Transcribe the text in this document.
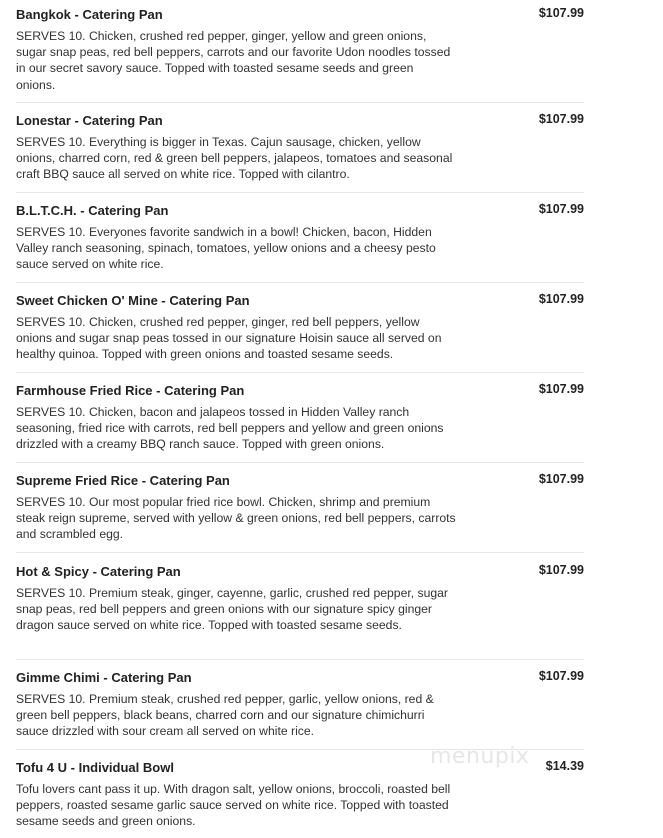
Bangkok - Catering Pan	$107.99
SERVES 10. Chicken, crushed red pepper, ginger, yellow and green onions, sugar snap peas, red bell peppers, carrots and our favorite Udon noodles tossed in our secret savory sauce. Topped with toasted sesame seeds and green onions.
Lonestar - Catering Pan	$107.99
SERVES 10. Everything is bigger in Texas. Cajun sausage, chicken, yellow onions, charred corn, red & green bell peppers, jalapeos, tomatoes and seasonal craft BBQ sauce all served on white rice. Topped with cilantro.
B.L.T.C.H. - Catering Pan	$107.99
SERVES 10. Everyones favorite sandwich in a bowl! Chicken, bacon, Hidden Valley ranch seasoning, spinach, tomatoes, yellow onions and a cheesy pesto sauce served on white rice.
Sweet Chicken O' Mine - Catering Pan	$107.99
SERVES 10. Chicken, crushed red pepper, ginger, red bell peppers, yellow onions and sugar snap peas tossed in our signature Hoisin sauce all served on healthy quinoa. Topped with green onions and toasted sesame seeds.
Farmhouse Fried Rice - Catering Pan	$107.99
SERVES 10. Chicken, bacon and jalapeos tossed in Hidden Valley ranch seasoning, fried rice with carrots, red bell peppers and yellow and green onions drizzled with a creamy BBQ ranch sauce. Topped with green onions.
Supreme Fried Rice - Catering Pan	$107.99
SERVES 10. Our most popular fried rice bowl. Chicken, shrimp and premium steak reign supreme, served with yellow & green onions, red bell peppers, carrots and scrambled egg.
Hot & Spicy - Catering Pan	$107.99
SERVES 10. Premium steak, ginger, cayenne, garlic, crushed red pepper, sugar snap peas, red bell peppers and green onions with our signature spicy ginger dragon sauce served on white rice. Topped with toasted sesame seeds.
Gimme Chimi - Catering Pan	$107.99
SERVES 10. Premium steak, crushed red pepper, garlic, yellow onions, red & green bell peppers, black beans, charred corn and our signature chimichurri sauce drizzled with sour cream all served on white rice.
Tofu 4 U - Individual Bowl	$14.39
Tofu lovers cant pass it up. With dragon salt, yellow onions, broccoli, roasted bell peppers, roasted sesame garlic sauce served on white rice. Topped with toasted sesame seeds and green onions.
menupix
